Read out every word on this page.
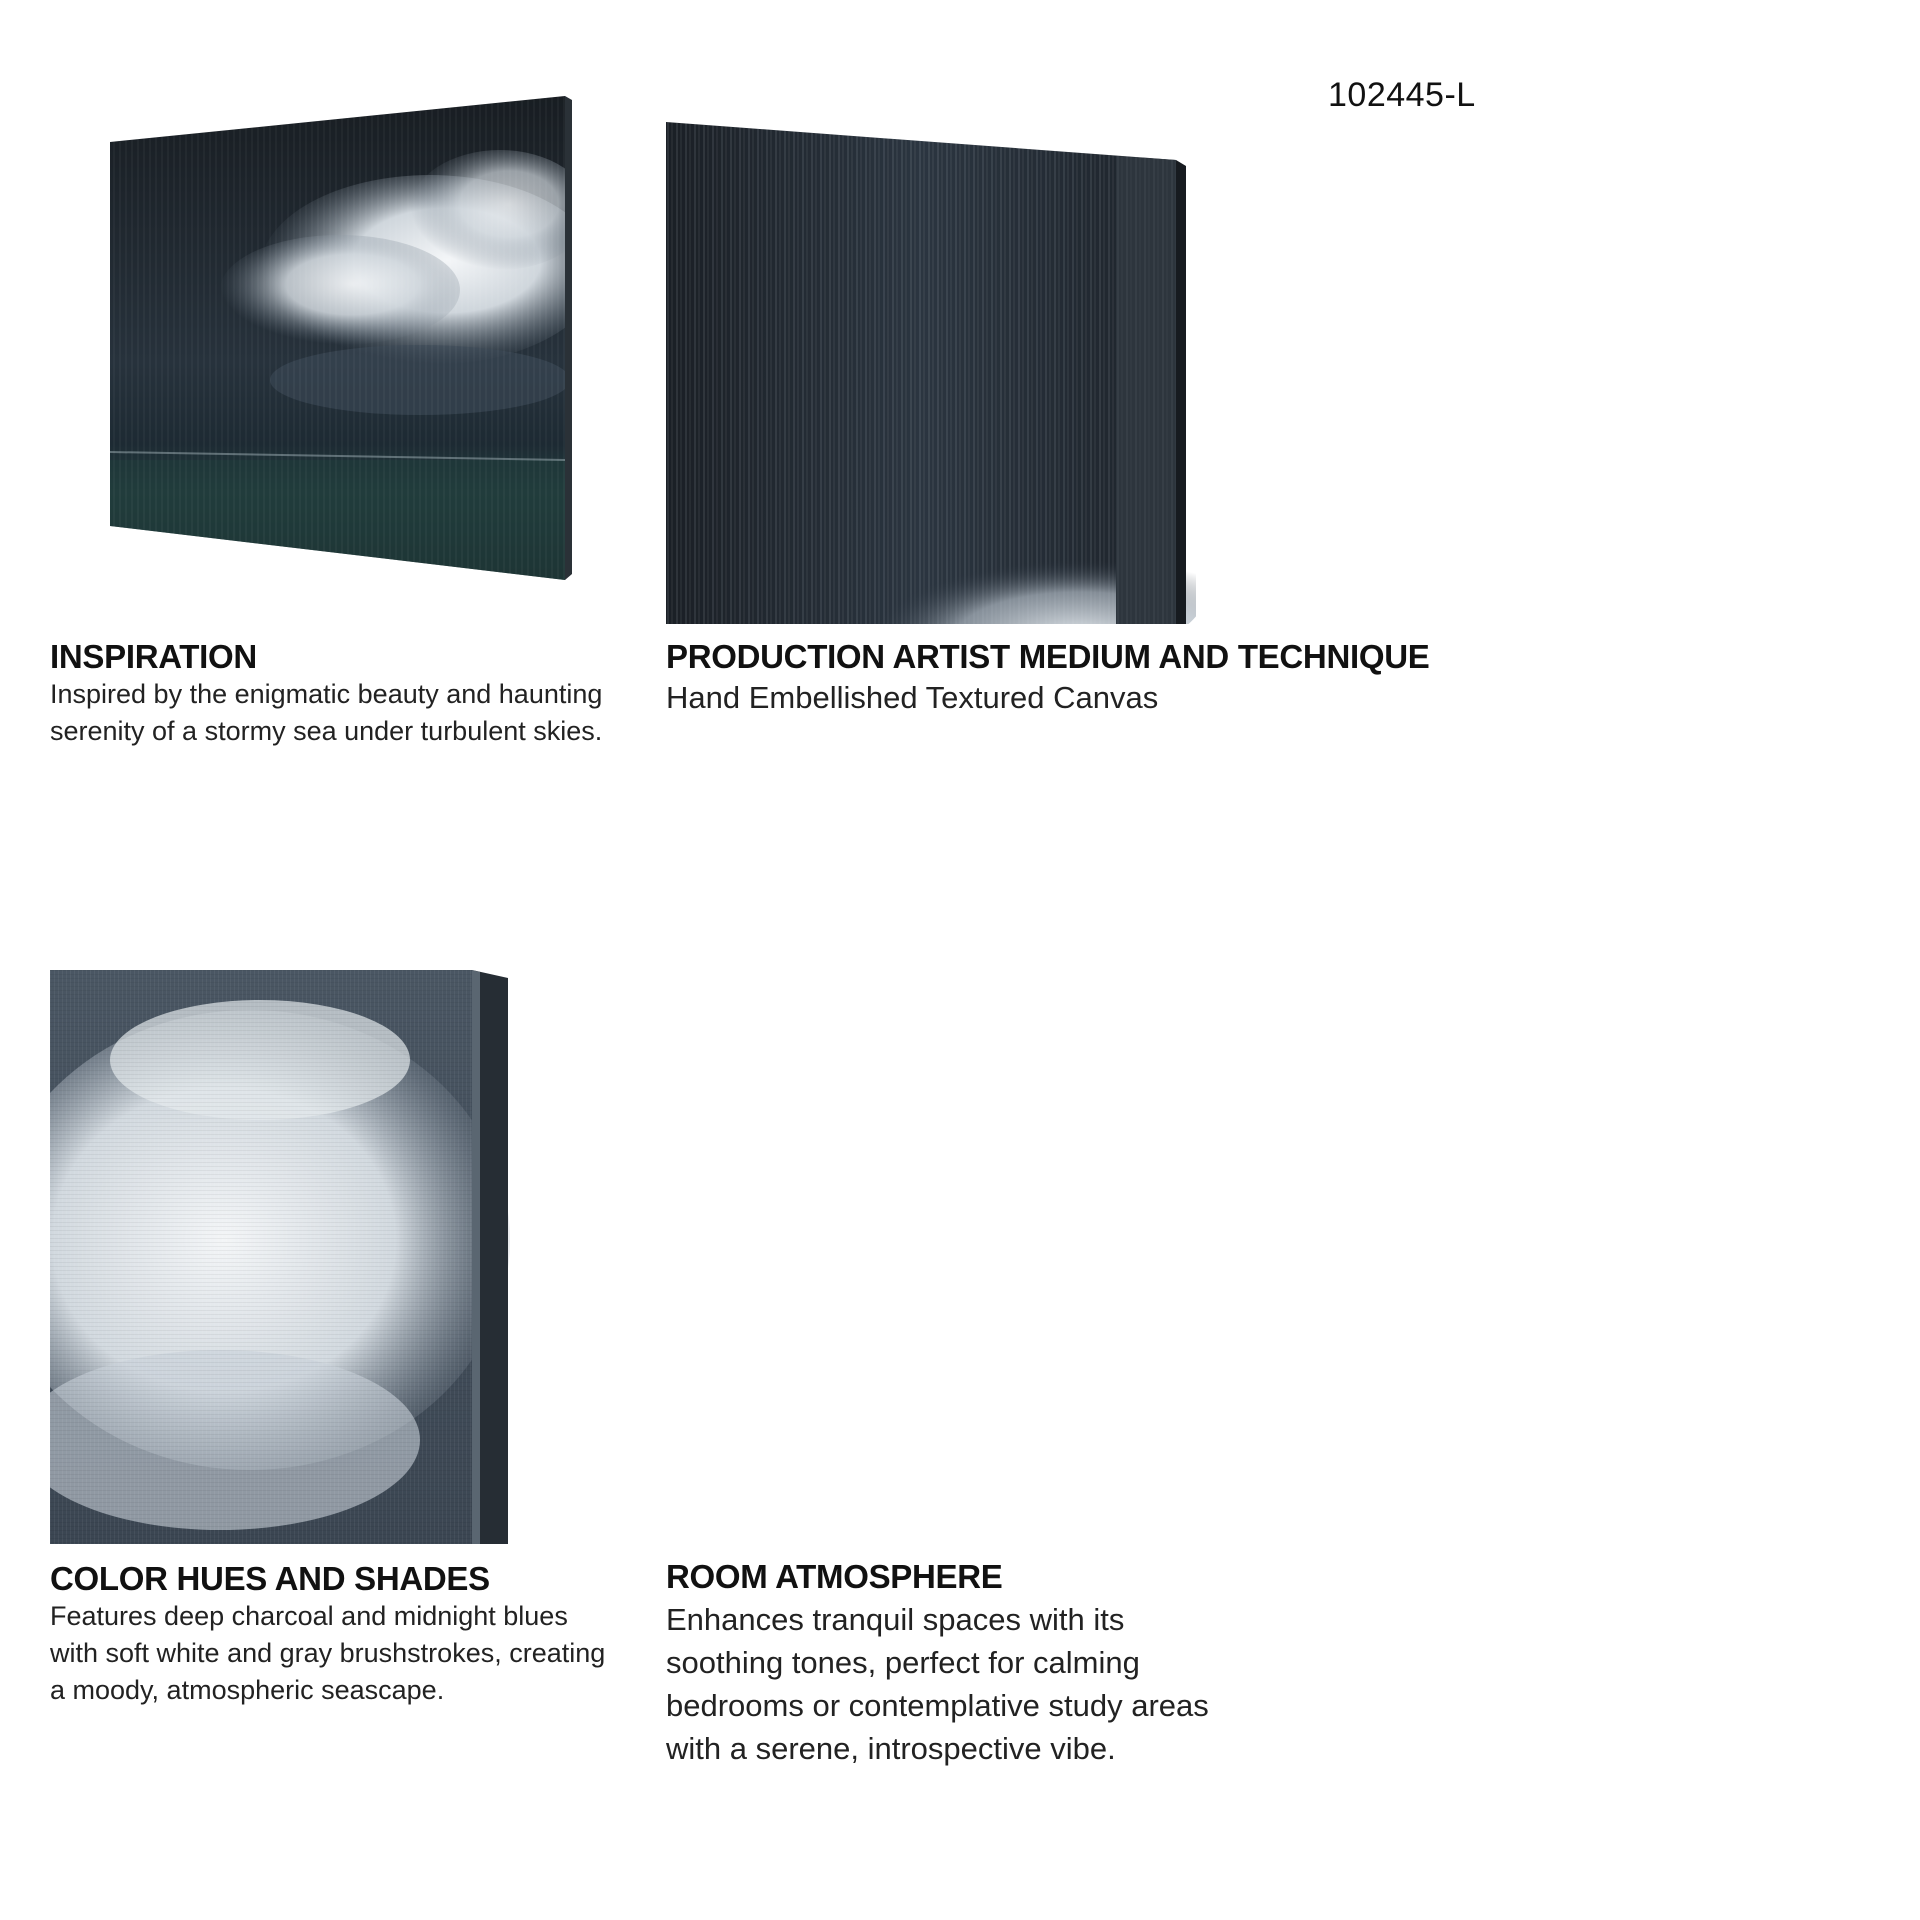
102445-L
INSPIRATION
Inspired by the enigmatic beauty and haunting serenity of a stormy sea under turbulent skies.
PRODUCTION ARTIST MEDIUM AND TECHNIQUE
Hand Embellished Textured Canvas
COLOR HUES AND SHADES
Features deep charcoal and midnight blues with soft white and gray brushstrokes, creating a moody, atmospheric seascape.
ROOM ATMOSPHERE
Enhances tranquil spaces with its soothing tones, perfect for calming bedrooms or contemplative study areas with a serene, introspective vibe.
